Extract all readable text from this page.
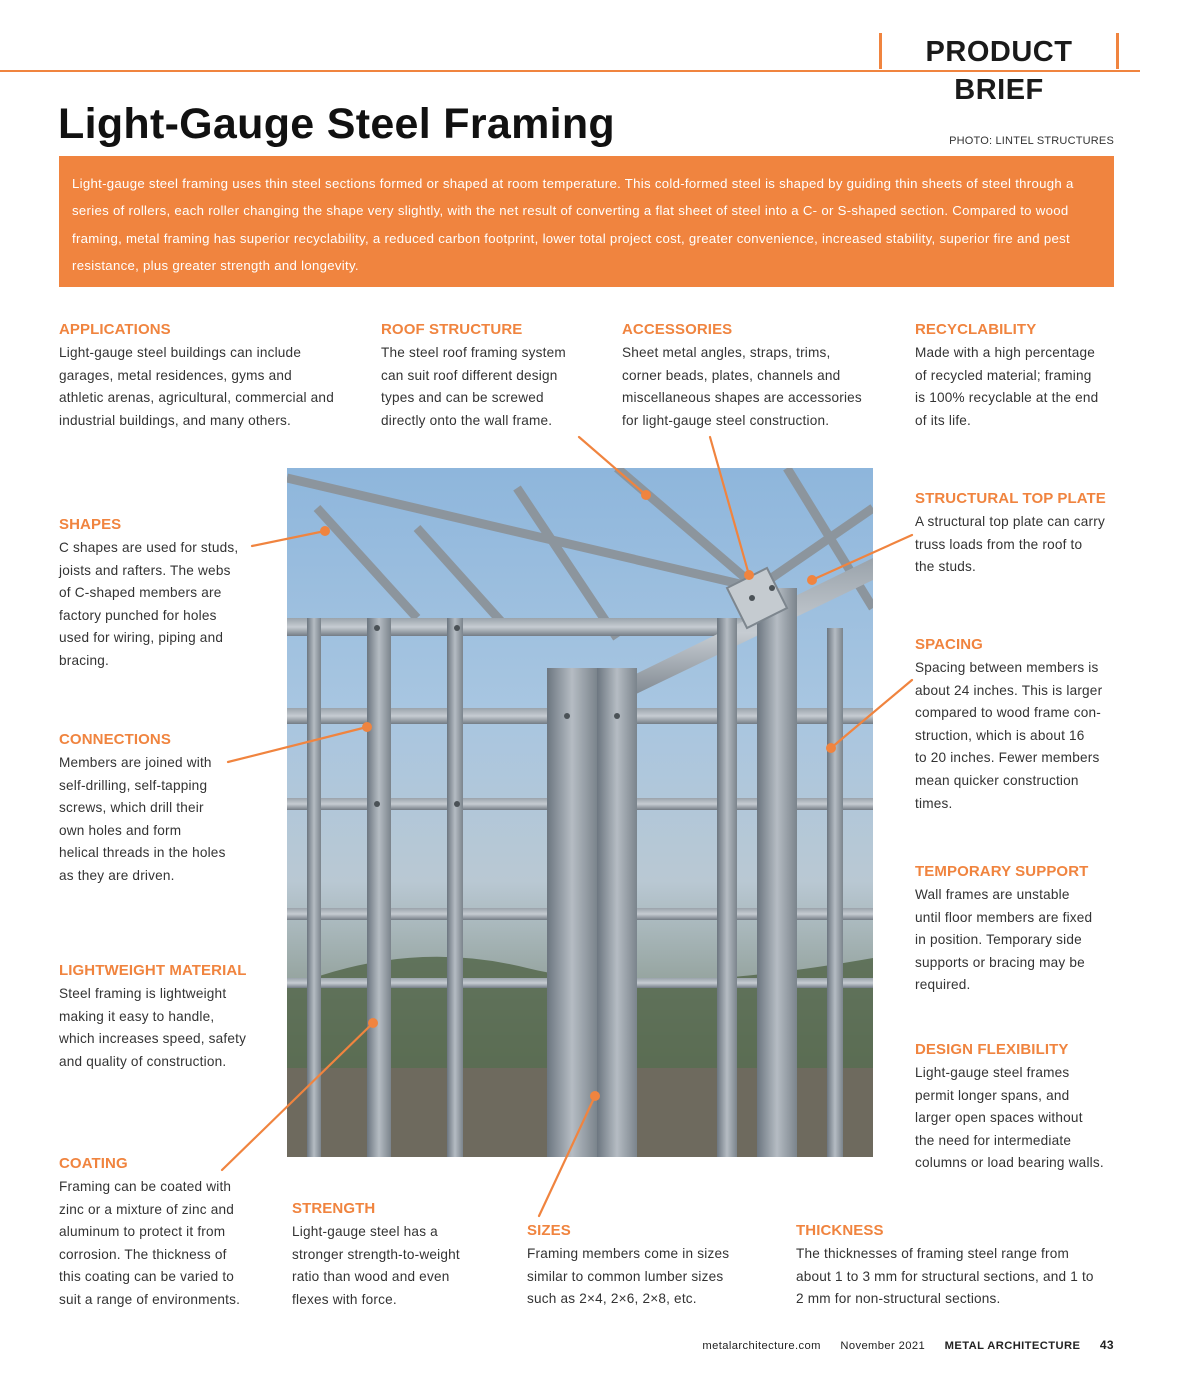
PRODUCT BRIEF
Light-Gauge Steel Framing	PHOTO: LINTEL STRUCTURES
Light-gauge steel framing uses thin steel sections formed or shaped at room temperature. This cold-formed steel is shaped by guiding thin sheets of steel through a series of rollers, each roller changing the shape very slightly, with the net result of converting a flat sheet of steel into a C- or S-shaped section. Compared to wood framing, metal framing has superior recyclability, a reduced carbon footprint, lower total project cost, greater convenience, increased stability, superior fire and pest resistance, plus greater strength and longevity.
APPLICATIONS

Light-gauge steel buildings can include
garages, metal residences, gyms and
athletic arenas, agricultural, commercial and
industrial buildings, and many others.

ROOF STRUCTURE

The steel roof framing system
can suit roof different design
types and can be screwed
directly onto the wall frame.

ACCESSORIES

Sheet metal angles, straps, trims,
corner beads, plates, channels and
miscellaneous shapes are accessories
for light-gauge steel construction.

RECYCLABILITY

Made with a high percentage
of recycled material; framing
is 100% recyclable at the end
of its life.

SHAPES

C shapes are used for studs,
joists and rafters. The webs
of C-shaped members are
factory punched for holes
used for wiring, piping and
bracing.

CONNECTIONS

Members are joined with
self-drilling, self-tapping
screws, which drill their
own holes and form
helical threads in the holes
as they are driven.

LIGHTWEIGHT MATERIAL

Steel framing is lightweight
making it easy to handle,
which increases speed, safety
and quality of construction.

COATING

Framing can be coated with
zinc or a mixture of zinc and
aluminum to protect it from
corrosion. The thickness of
this coating can be varied to
suit a range of environments.

STRUCTURAL TOP PLATE

A structural top plate can carry
truss loads from the roof to
the studs.

SPACING

Spacing between members is
about 24 inches. This is larger
compared to wood frame con-
struction, which is about 16
to 20 inches. Fewer members
mean quicker construction
times.

TEMPORARY SUPPORT

Wall frames are unstable
until floor members are fixed
in position. Temporary side
supports or bracing may be
required.

DESIGN FLEXIBILITY

Light-gauge steel frames
permit longer spans, and
larger open spaces without
the need for intermediate
columns or load bearing walls.

STRENGTH

Light-gauge steel has a
stronger strength-to-weight
ratio than wood and even
flexes with force.

SIZES

Framing members come in sizes
similar to common lumber sizes
such as 2×4, 2×6, 2×8, etc.

THICKNESS

The thicknesses of framing steel range from
about 1 to 3 mm for structural sections, and 1 to
2 mm for non-structural sections.

metalarchitecture.com November 2021 METAL ARCHITECTURE 43
